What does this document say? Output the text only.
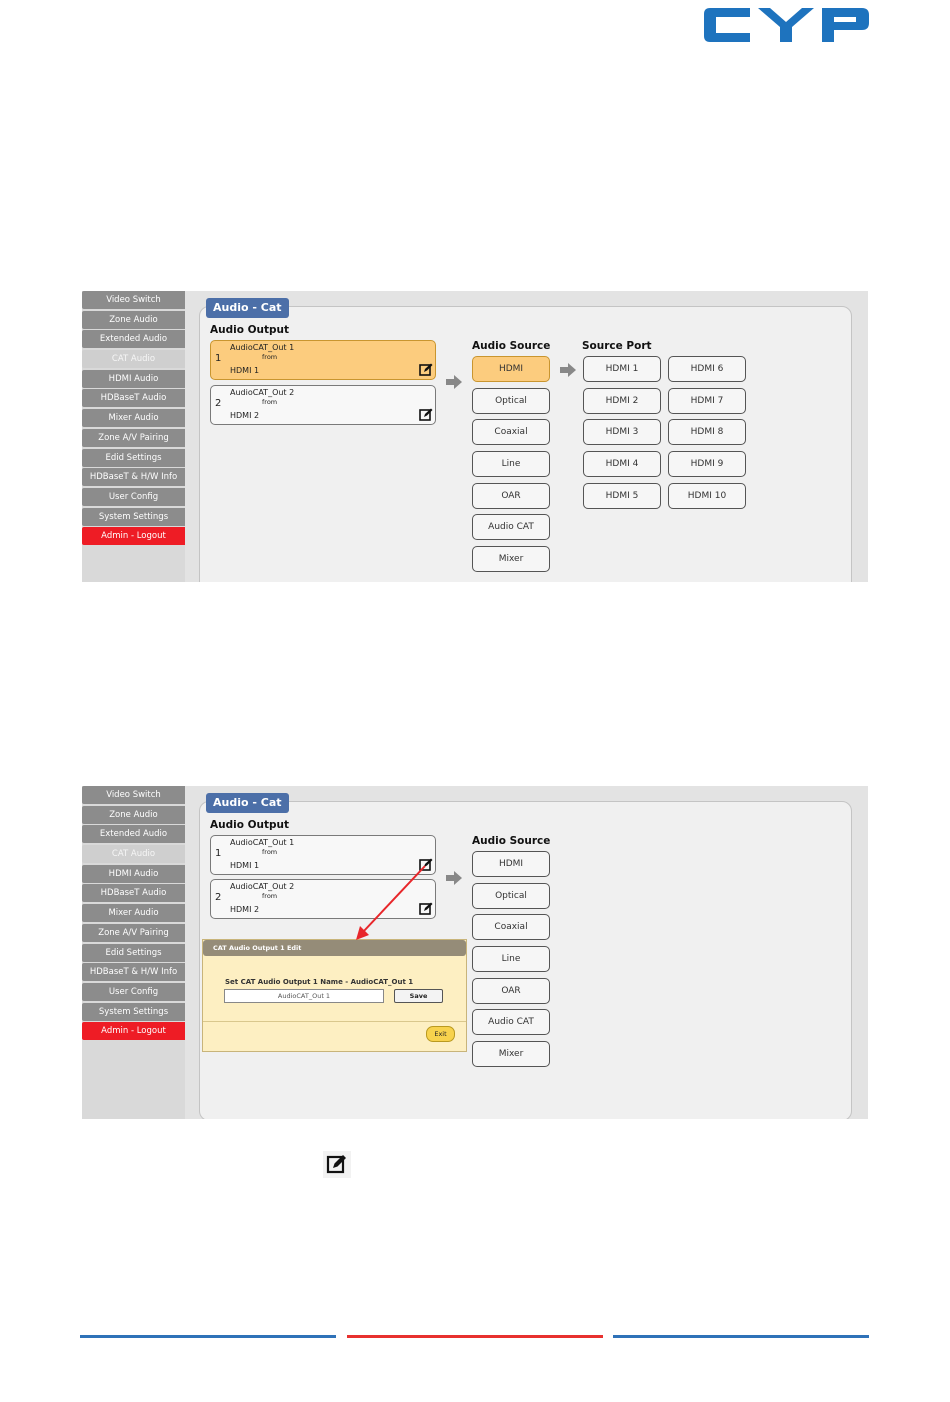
Video Switch
Zone Audio
Extended Audio
CAT Audio
HDMI Audio
HDBaseT Audio
Mixer Audio
Zone A/V Pairing
Edid Settings
HDBaseT & H/W Info
User Config
System Settings
Admin - Logout
Audio - Cat
Audio Output
1
AudioCAT_Out 1
from
HDMI 1
2
AudioCAT_Out 2
from
HDMI 2
Audio Source
HDMI
Optical
Coaxial
Line
OAR
Audio CAT
Mixer
Source Port
HDMI 1
HDMI 2
HDMI 3
HDMI 4
HDMI 5
HDMI 6
HDMI 7
HDMI 8
HDMI 9
HDMI 10
Video Switch
Zone Audio
Extended Audio
CAT Audio
HDMI Audio
HDBaseT Audio
Mixer Audio
Zone A/V Pairing
Edid Settings
HDBaseT & H/W Info
User Config
System Settings
Admin - Logout
Audio - Cat
Audio Output
1
AudioCAT_Out 1
from
HDMI 1
2
AudioCAT_Out 2
from
HDMI 2
Audio Source
HDMI
Optical
Coaxial
Line
OAR
Audio CAT
Mixer
CAT Audio Output 1 Edit
Set CAT Audio Output 1 Name - AudioCAT_Out 1
AudioCAT_Out 1	Save
Exit
